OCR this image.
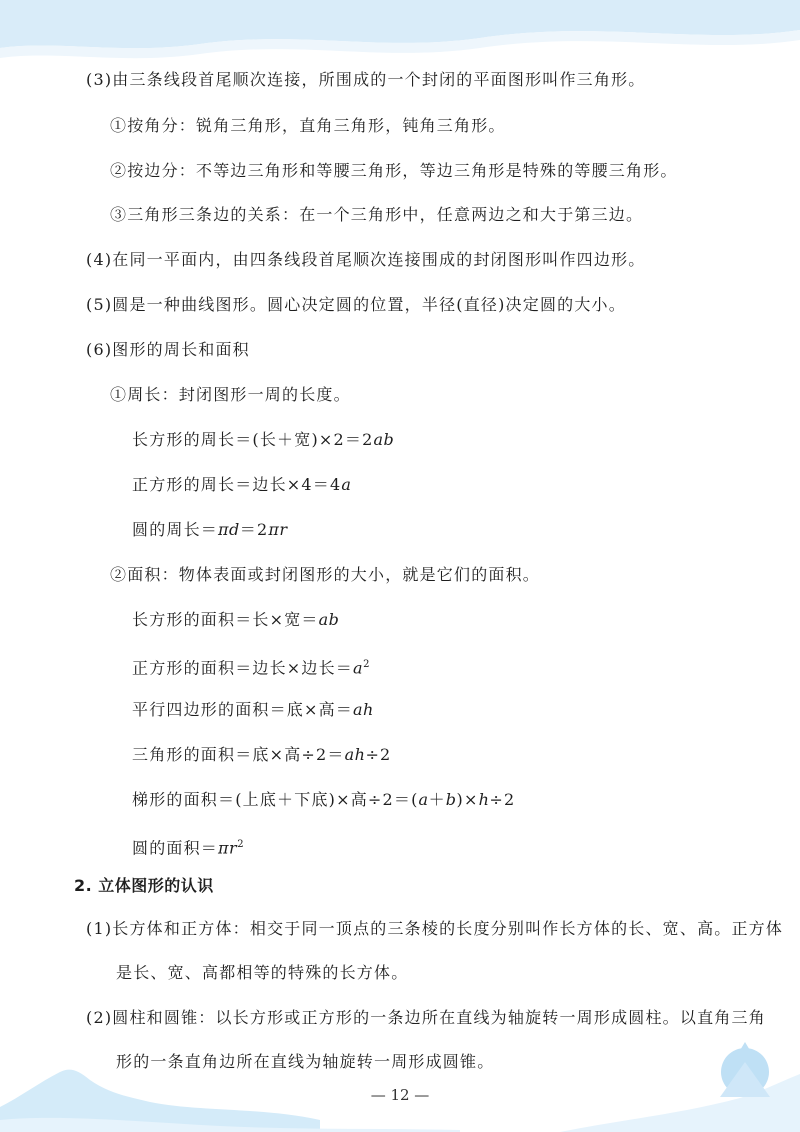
(3)由三条线段首尾顺次连接，所围成的一个封闭的平面图形叫作三角形。
①按角分：锐角三角形，直角三角形，钝角三角形。
②按边分：不等边三角形和等腰三角形，等边三角形是特殊的等腰三角形。
③三角形三条边的关系：在一个三角形中，任意两边之和大于第三边。
(4)在同一平面内，由四条线段首尾顺次连接围成的封闭图形叫作四边形。
(5)圆是一种曲线图形。圆心决定圆的位置，半径(直径)决定圆的大小。
(6)图形的周长和面积
①周长：封闭图形一周的长度。
长方形的周长＝(长＋宽)×2＝2ab
正方形的周长＝边长×4＝4a
圆的周长＝πd＝2πr
②面积：物体表面或封闭图形的大小，就是它们的面积。
长方形的面积＝长×宽＝ab
正方形的面积＝边长×边长$=a^2$
平行四边形的面积＝底×高＝ah
三角形的面积＝底×高÷2＝ah÷2
梯形的面积＝(上底＋下底)×高÷2＝(a＋b)×h÷2
圆的面积$=\pi r^2$
2. 立体图形的认识
(1)长方体和正方体：相交于同一顶点的三条棱的长度分别叫作长方体的长、宽、高。正方体
是长、宽、高都相等的特殊的长方体。
(2)圆柱和圆锥：以长方形或正方形的一条边所在直线为轴旋转一周形成圆柱。以直角三角
形的一条直角边所在直线为轴旋转一周形成圆锥。
— 12 —
